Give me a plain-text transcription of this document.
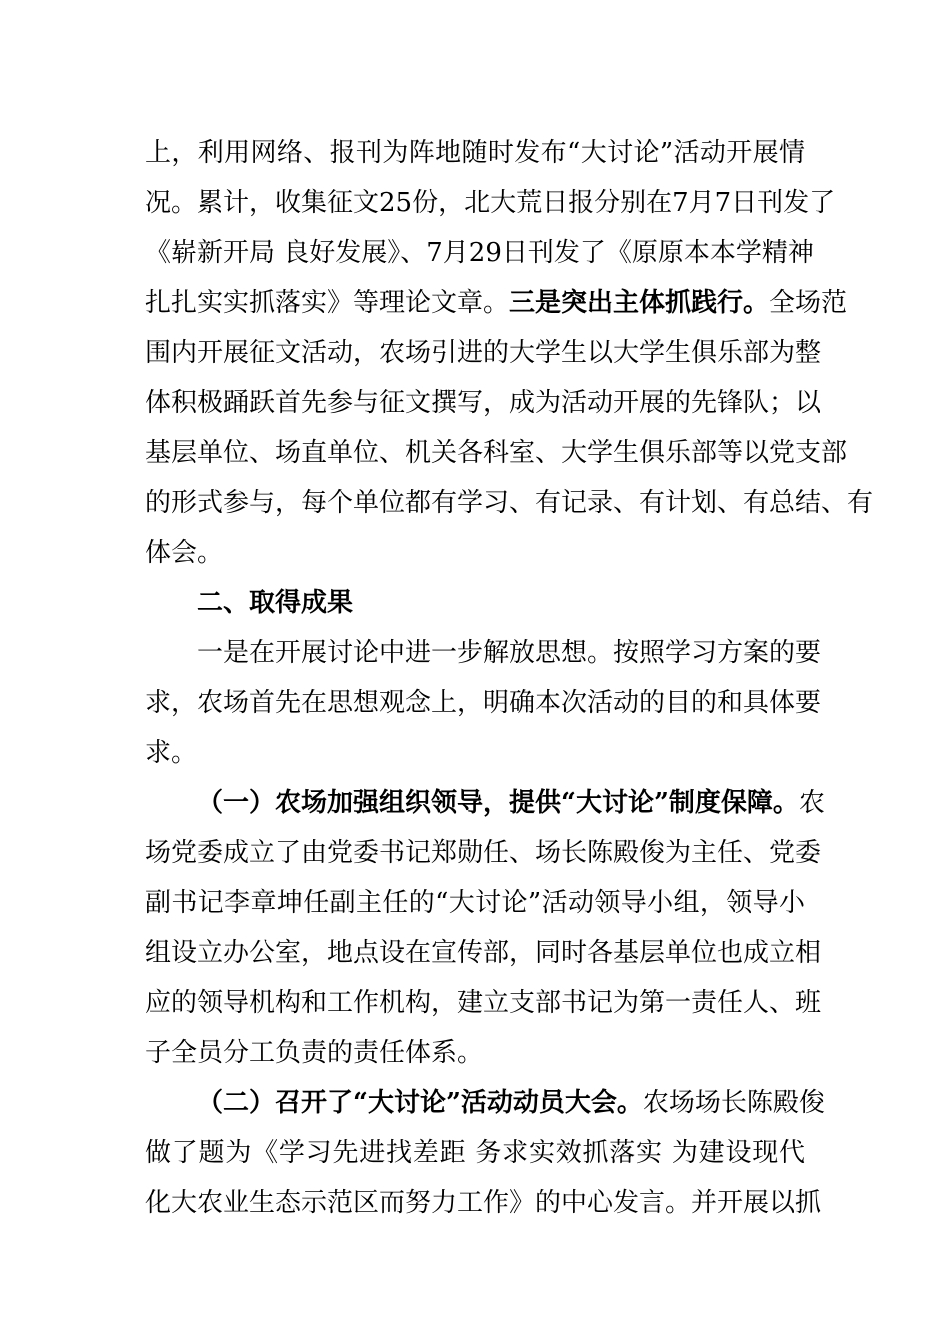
上，利用网络、报刊为阵地随时发布“大讨论”活动开展情
况。累计，收集征文25份，北大荒日报分别在7月7日刊发了
《崭新开局 良好发展》、7月29日刊发了《原原本本学精神
扎扎实实抓落实》等理论文章。三是突出主体抓践行。全场范
围内开展征文活动，农场引进的大学生以大学生俱乐部为整
体积极踊跃首先参与征文撰写，成为活动开展的先锋队；以
基层单位、场直单位、机关各科室、大学生俱乐部等以党支部
的形式参与，每个单位都有学习、有记录、有计划、有总结、有
体会。
二、取得成果
一是在开展讨论中进一步解放思想。按照学习方案的要
求，农场首先在思想观念上，明确本次活动的目的和具体要
求。
（一）农场加强组织领导，提供“大讨论”制度保障。农
场党委成立了由党委书记郑勋任、场长陈殿俊为主任、党委
副书记李章坤任副主任的“大讨论”活动领导小组，领导小
组设立办公室，地点设在宣传部，同时各基层单位也成立相
应的领导机构和工作机构，建立支部书记为第一责任人、班
子全员分工负责的责任体系。
（二）召开了“大讨论”活动动员大会。农场场长陈殿俊
做了题为《学习先进找差距 务求实效抓落实 为建设现代
化大农业生态示范区而努力工作》的中心发言。并开展以抓
